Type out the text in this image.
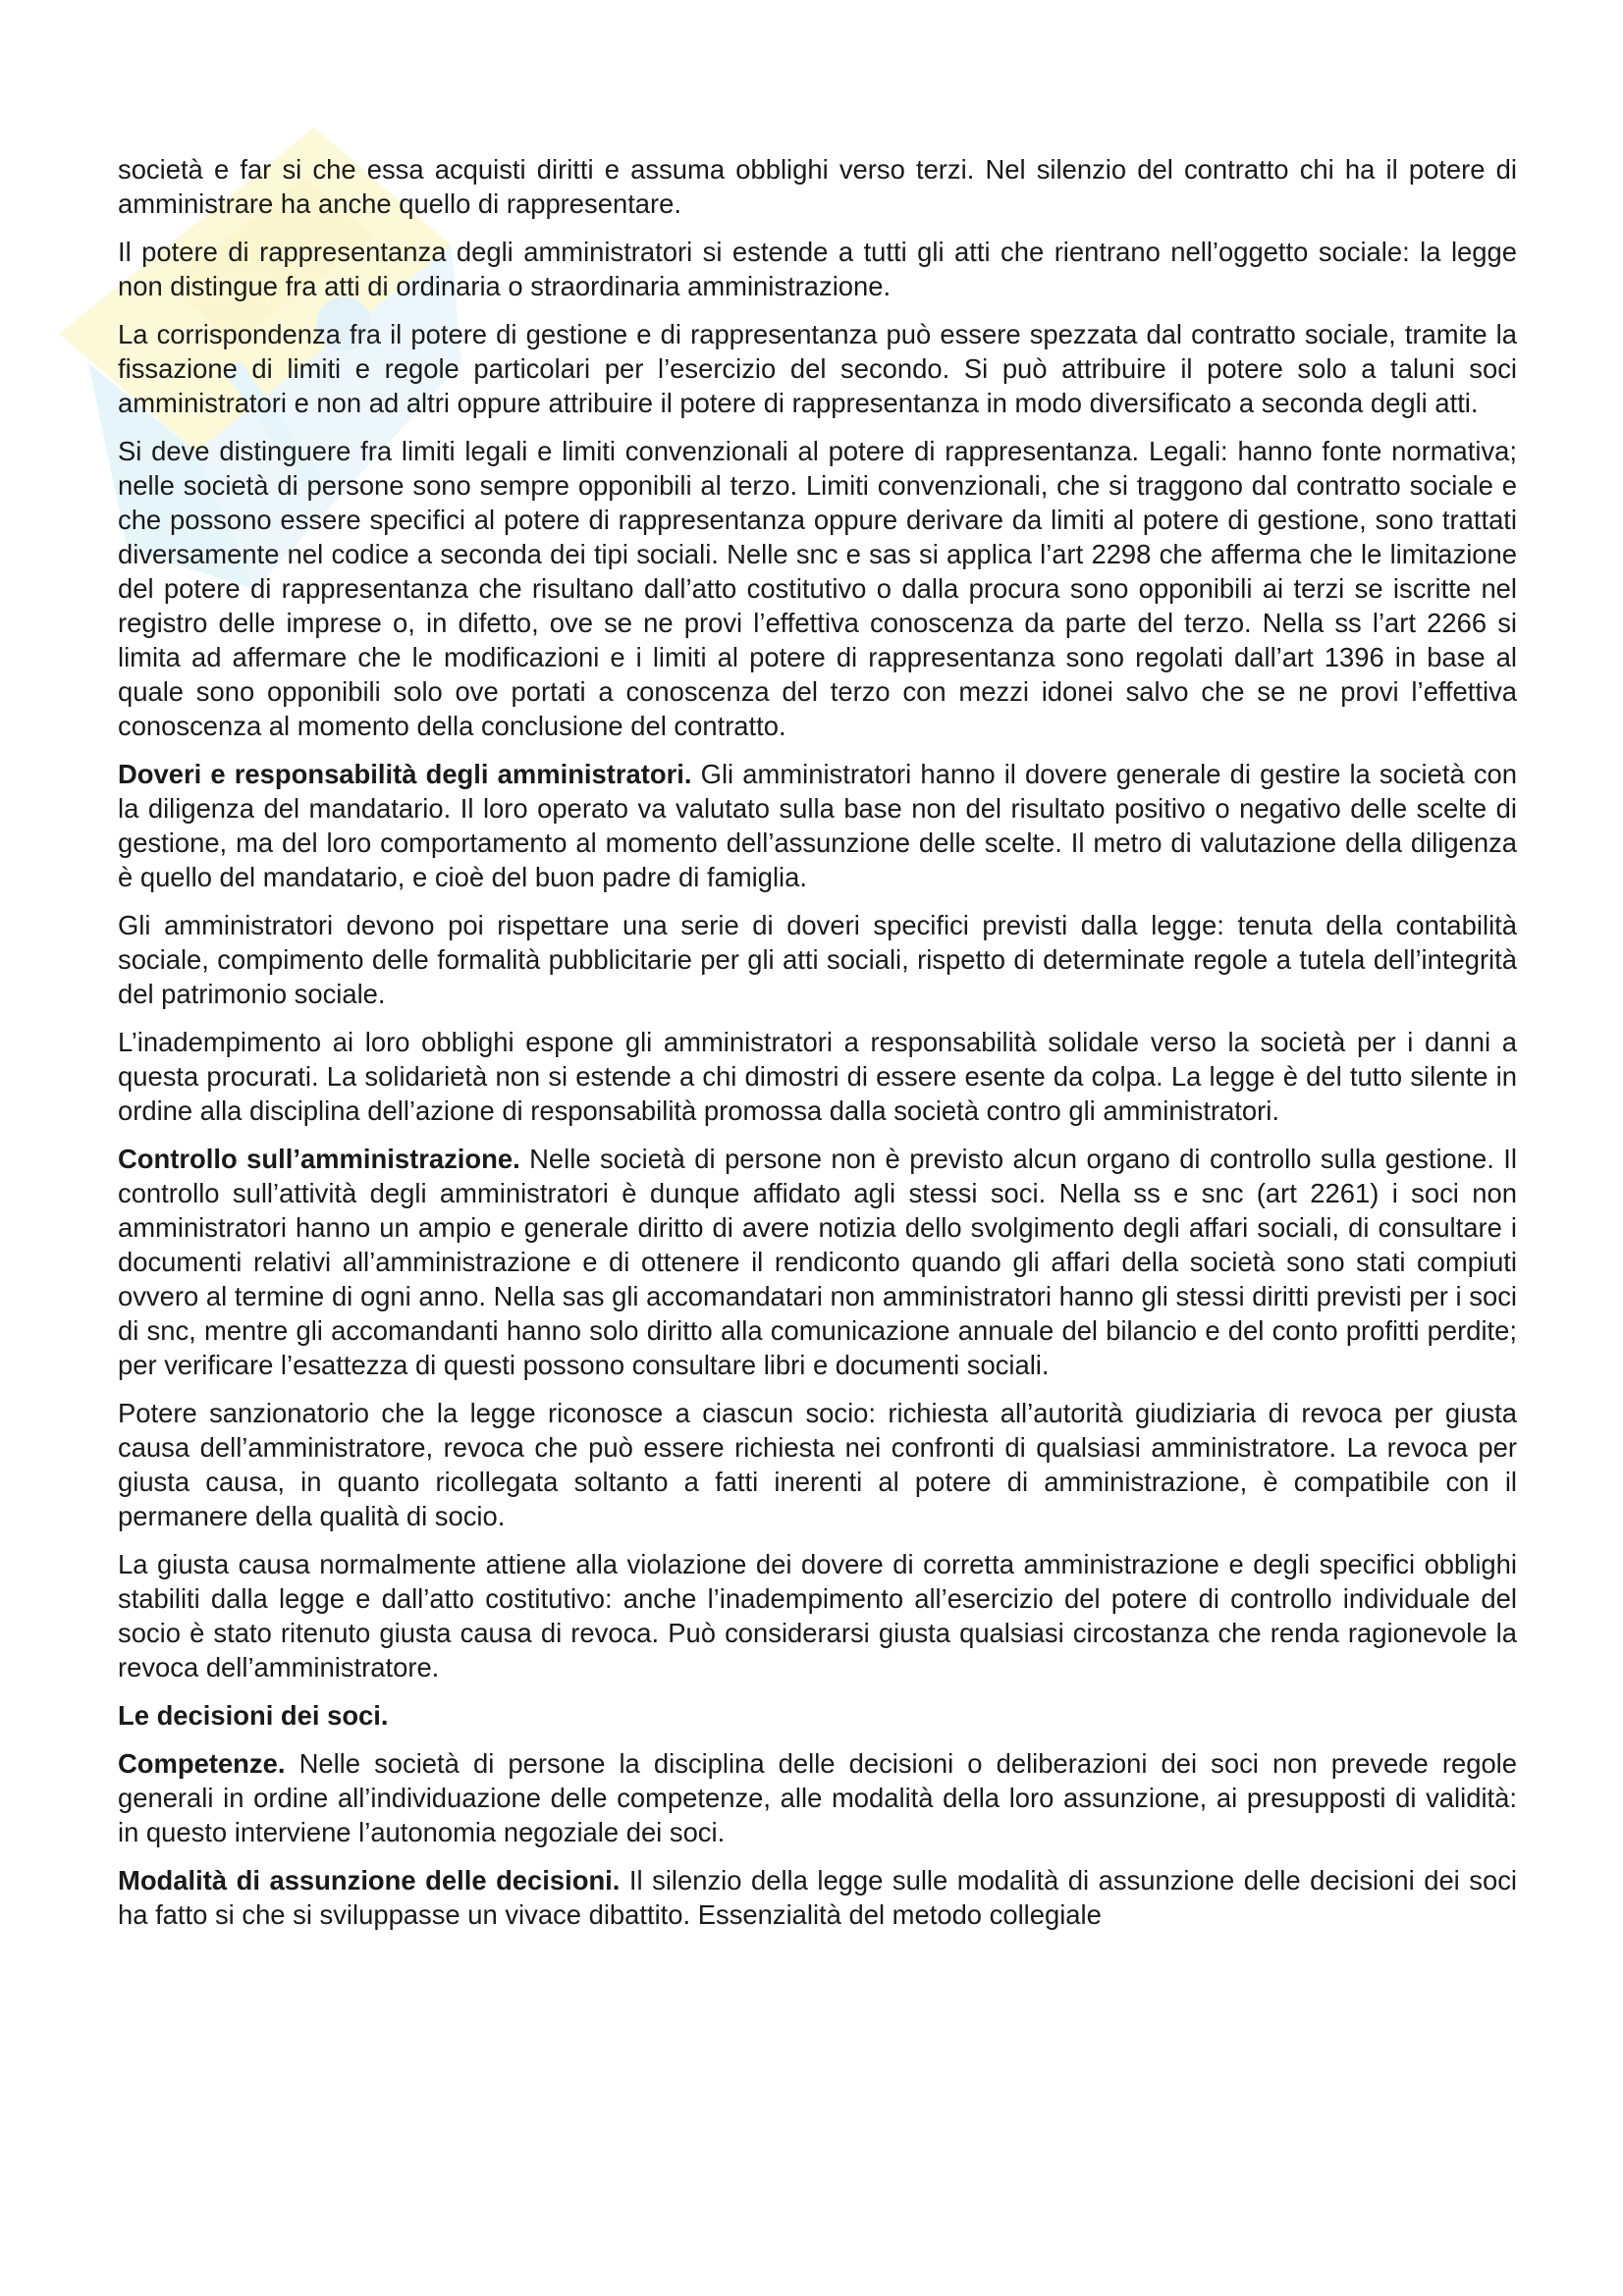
società e far si che essa acquisti diritti e assuma obblighi verso terzi. Nel silenzio del contratto chi ha il potere di amministrare ha anche quello di rappresentare.

Il potere di rappresentanza degli amministratori si estende a tutti gli atti che rientrano nell’oggetto sociale: la legge non distingue fra atti di ordinaria o straordinaria amministrazione.

La corrispondenza fra il potere di gestione e di rappresentanza può essere spezzata dal contratto sociale, tramite la fissazione di limiti e regole particolari per l’esercizio del secondo. Si può attribuire il potere solo a taluni soci amministratori e non ad altri oppure attribuire il potere di rappresentanza in modo diversificato a seconda degli atti.

Si deve distinguere fra limiti legali e limiti convenzionali al potere di rappresentanza. Legali: hanno fonte normativa; nelle società di persone sono sempre opponibili al terzo. Limiti convenzionali, che si traggono dal contratto sociale e che possono essere specifici al potere di rappresentanza oppure derivare da limiti al potere di gestione, sono trattati diversamente nel codice a seconda dei tipi sociali. Nelle snc e sas si applica l’art 2298 che afferma che le limitazione del potere di rappresentanza che risultano dall’atto costitutivo o dalla procura sono opponibili ai terzi se iscritte nel registro delle imprese o, in difetto, ove se ne provi l’effettiva conoscenza da parte del terzo. Nella ss l’art 2266 si limita ad affermare che le modificazioni e i limiti al potere di rappresentanza sono regolati dall’art 1396 in base al quale sono opponibili solo ove portati a conoscenza del terzo con mezzi idonei salvo che se ne provi l’effettiva conoscenza al momento della conclusione del contratto.

Doveri e responsabilità degli amministratori. Gli amministratori hanno il dovere generale di gestire la società con la diligenza del mandatario. Il loro operato va valutato sulla base non del risultato positivo o negativo delle scelte di gestione, ma del loro comportamento al momento dell’assunzione delle scelte. Il metro di valutazione della diligenza è quello del mandatario, e cioè del buon padre di famiglia.

Gli amministratori devono poi rispettare una serie di doveri specifici previsti dalla legge: tenuta della contabilità sociale, compimento delle formalità pubblicitarie per gli atti sociali, rispetto di determinate regole a tutela dell’integrità del patrimonio sociale.

L’inadempimento ai loro obblighi espone gli amministratori a responsabilità solidale verso la società per i danni a questa procurati. La solidarietà non si estende a chi dimostri di essere esente da colpa. La legge è del tutto silente in ordine alla disciplina dell’azione di responsabilità promossa dalla società contro gli amministratori.

Controllo sull’amministrazione. Nelle società di persone non è previsto alcun organo di controllo sulla gestione. Il controllo sull’attività degli amministratori è dunque affidato agli stessi soci. Nella ss e snc (art 2261) i soci non amministratori hanno un ampio e generale diritto di avere notizia dello svolgimento degli affari sociali, di consultare i documenti relativi all’amministrazione e di ottenere il rendiconto quando gli affari della società sono stati compiuti ovvero al termine di ogni anno. Nella sas gli accomandatari non amministratori hanno gli stessi diritti previsti per i soci di snc, mentre gli accomandanti hanno solo diritto alla comunicazione annuale del bilancio e del conto profitti perdite; per verificare l’esattezza di questi possono consultare libri e documenti sociali.

Potere sanzionatorio che la legge riconosce a ciascun socio: richiesta all’autorità giudiziaria di revoca per giusta causa dell’amministratore, revoca che può essere richiesta nei confronti di qualsiasi amministratore. La revoca per giusta causa, in quanto ricollegata soltanto a fatti inerenti al potere di amministrazione, è compatibile con il permanere della qualità di socio.

La giusta causa normalmente attiene alla violazione dei dovere di corretta amministrazione e degli specifici obblighi stabiliti dalla legge e dall’atto costitutivo: anche l’inadempimento all’esercizio del potere di controllo individuale del socio è stato ritenuto giusta causa di revoca. Può considerarsi giusta qualsiasi circostanza che renda ragionevole la revoca dell’amministratore.

Le decisioni dei soci.

Competenze. Nelle società di persone la disciplina delle decisioni o deliberazioni dei soci non prevede regole generali in ordine all’individuazione delle competenze, alle modalità della loro assunzione, ai presupposti di validità: in questo interviene l’autonomia negoziale dei soci.

Modalità di assunzione delle decisioni. Il silenzio della legge sulle modalità di assunzione delle decisioni dei soci ha fatto si che si sviluppasse un vivace dibattito. Essenzialità del metodo collegiale
